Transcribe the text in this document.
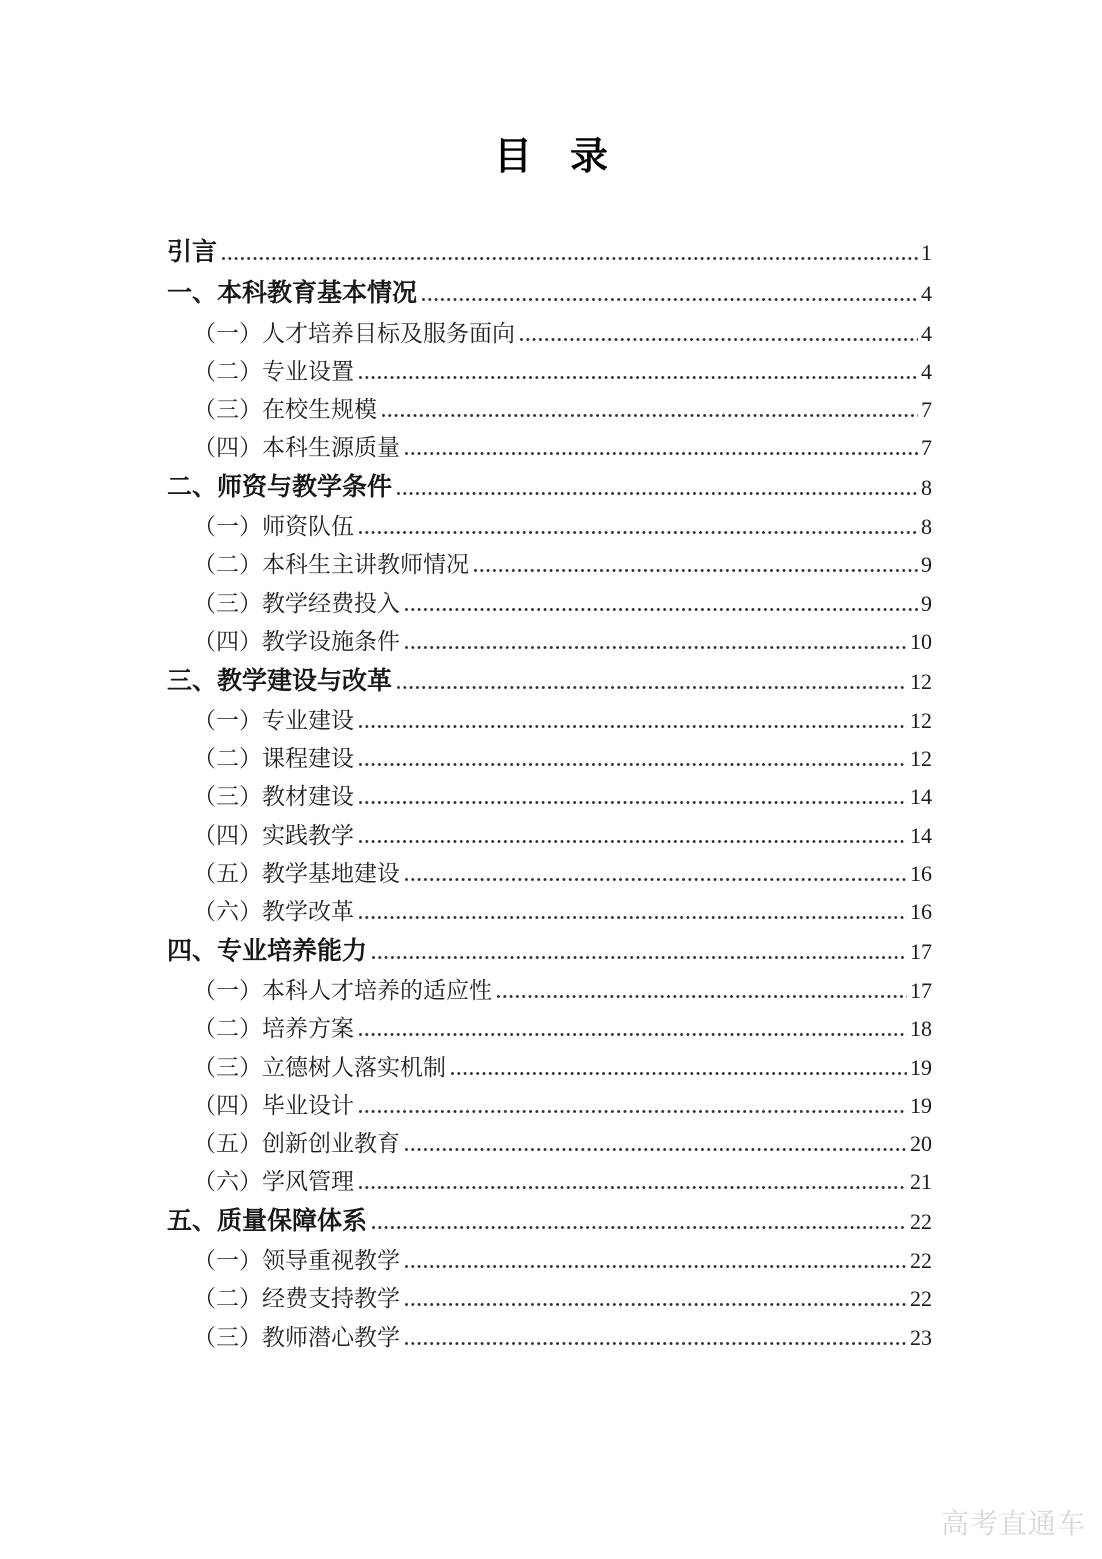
目　录
引言	1
一、本科教育基本情况	4
（一）人才培养目标及服务面向	4
（二）专业设置	4
（三）在校生规模	7
（四）本科生源质量	7
二、师资与教学条件	8
（一）师资队伍	8
（二）本科生主讲教师情况	9
（三）教学经费投入	9
（四）教学设施条件	10
三、教学建设与改革	12
（一）专业建设	12
（二）课程建设	12
（三）教材建设	14
（四）实践教学	14
（五）教学基地建设	16
（六）教学改革	16
四、专业培养能力	17
（一）本科人才培养的适应性	17
（二）培养方案	18
（三）立德树人落实机制	19
（四）毕业设计	19
（五）创新创业教育	20
（六）学风管理	21
五、质量保障体系	22
（一）领导重视教学	22
（二）经费支持教学	22
（三）教师潜心教学	23
高考直通车
